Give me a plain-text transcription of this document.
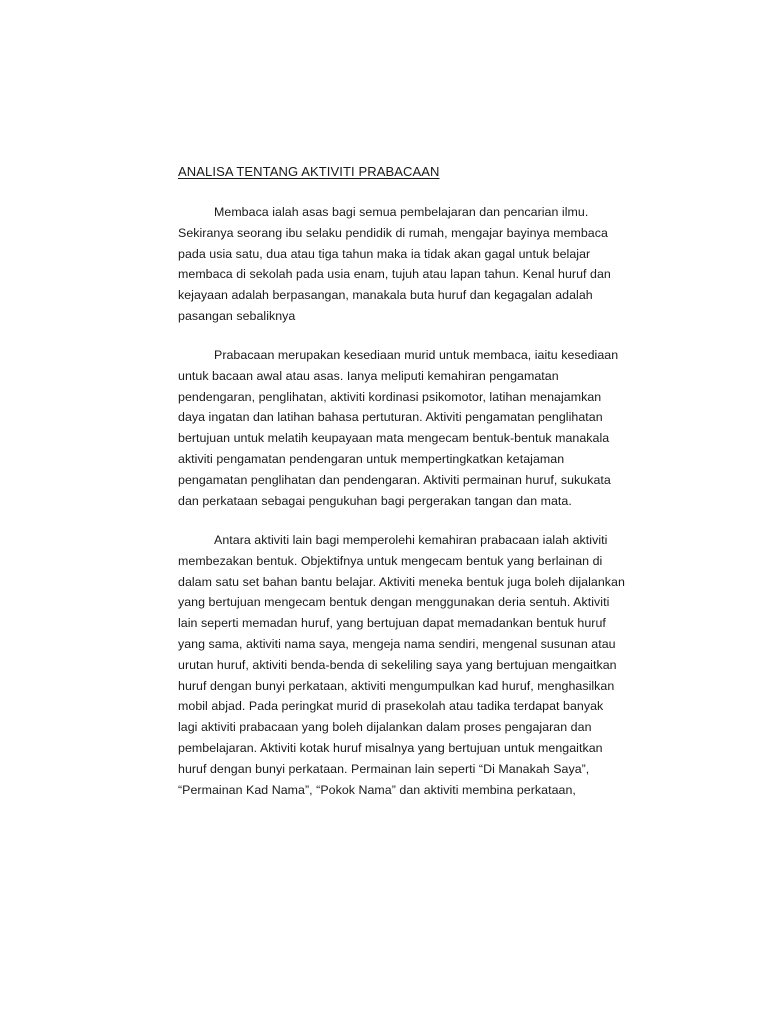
ANALISA TENTANG AKTIVITI PRABACAAN
Membaca ialah asas bagi semua pembelajaran dan pencarian ilmu.
Sekiranya seorang ibu selaku pendidik di rumah, mengajar bayinya membaca
pada usia satu, dua atau tiga tahun maka ia tidak akan gagal untuk belajar
membaca di sekolah pada usia enam, tujuh atau lapan tahun. Kenal huruf dan
kejayaan adalah berpasangan, manakala buta huruf dan kegagalan adalah
pasangan sebaliknya
Prabacaan merupakan kesediaan murid untuk membaca, iaitu kesediaan
untuk bacaan awal atau asas. Ianya meliputi kemahiran pengamatan
pendengaran, penglihatan, aktiviti kordinasi psikomotor, latihan menajamkan
daya ingatan dan latihan bahasa pertuturan. Aktiviti pengamatan penglihatan
bertujuan untuk melatih keupayaan mata mengecam bentuk-bentuk manakala
aktiviti pengamatan pendengaran untuk mempertingkatkan ketajaman
pengamatan penglihatan dan pendengaran. Aktiviti permainan huruf, sukukata
dan perkataan sebagai pengukuhan bagi pergerakan tangan dan mata.
Antara aktiviti lain bagi memperolehi kemahiran prabacaan ialah aktiviti
membezakan bentuk. Objektifnya untuk mengecam bentuk yang berlainan di
dalam satu set bahan bantu belajar. Aktiviti meneka bentuk juga boleh dijalankan
yang bertujuan mengecam bentuk dengan menggunakan deria sentuh. Aktiviti
lain seperti memadan huruf, yang bertujuan dapat memadankan bentuk huruf
yang sama, aktiviti nama saya, mengeja nama sendiri, mengenal susunan atau
urutan huruf, aktiviti benda-benda di sekeliling saya yang bertujuan mengaitkan
huruf dengan bunyi perkataan, aktiviti mengumpulkan kad huruf, menghasilkan
mobil abjad. Pada peringkat murid di prasekolah atau tadika terdapat banyak
lagi aktiviti prabacaan yang boleh dijalankan dalam proses pengajaran dan
pembelajaran. Aktiviti kotak huruf misalnya yang bertujuan untuk mengaitkan
huruf dengan bunyi perkataan. Permainan lain seperti “Di Manakah Saya”,
“Permainan Kad Nama”, “Pokok Nama” dan aktiviti membina perkataan,
